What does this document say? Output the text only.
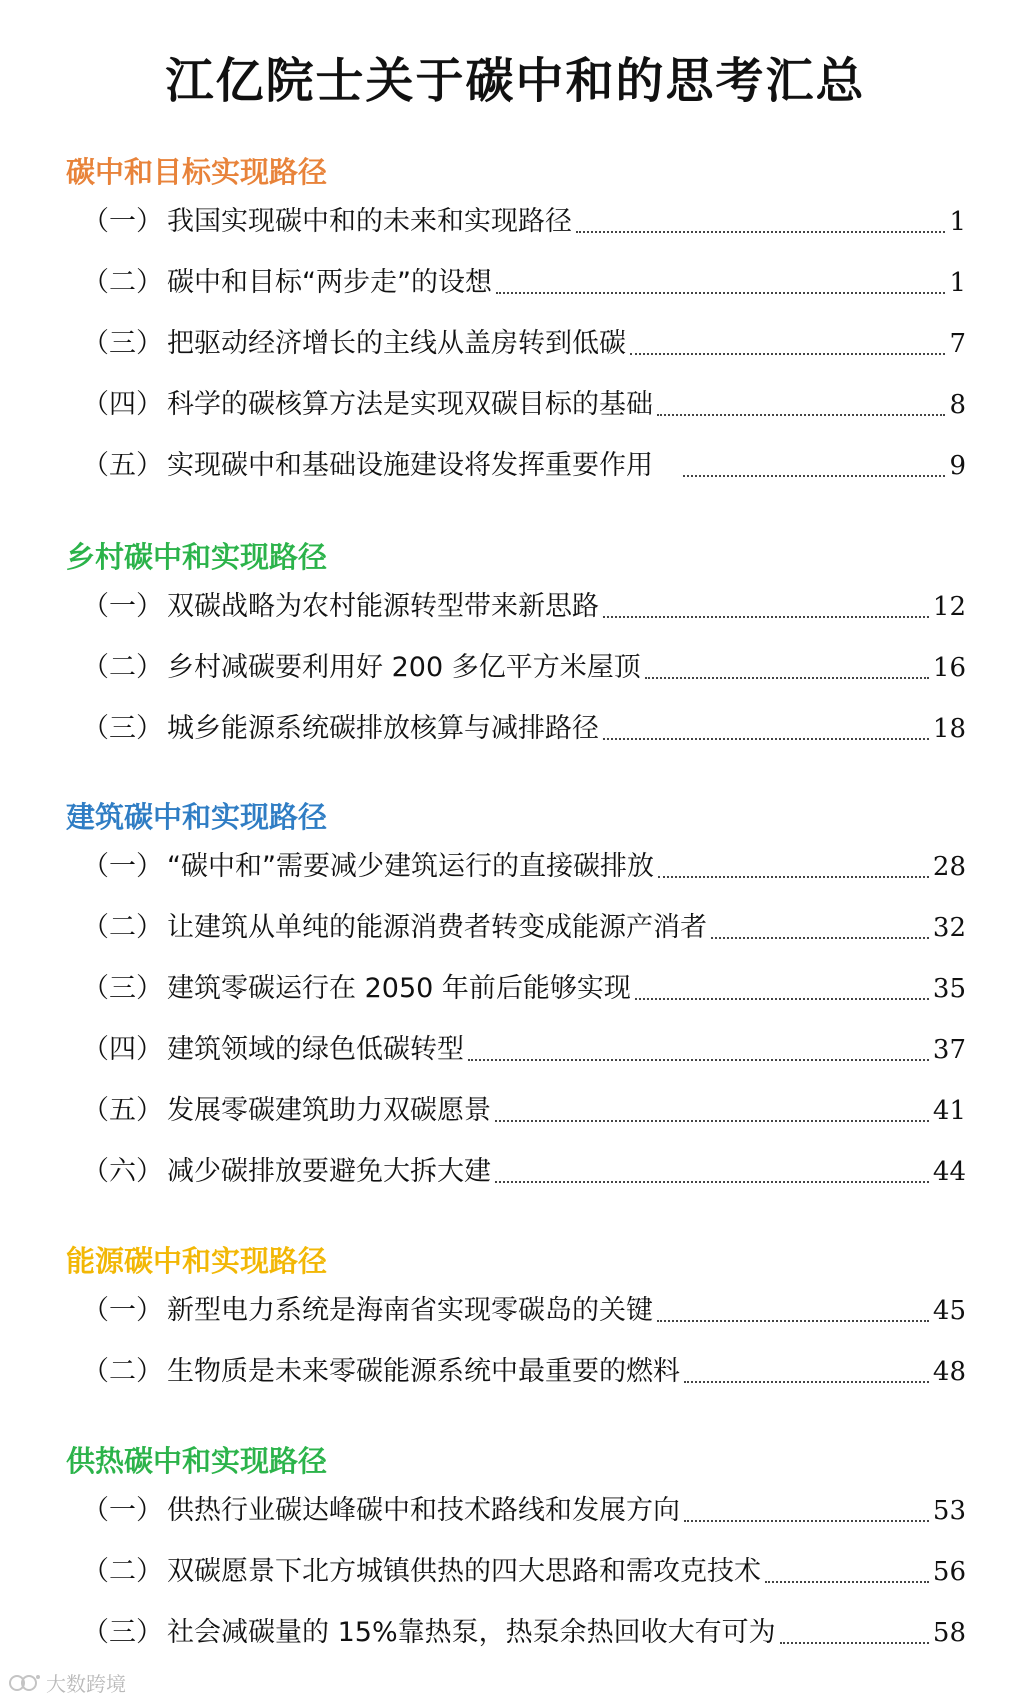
江亿院士关于碳中和的思考汇总
碳中和目标实现路径
（一） 我国实现碳中和的未来和实现路径	1
（二） 碳中和目标“两步走”的设想	1
（三） 把驱动经济增长的主线从盖房转到低碳	7
（四） 科学的碳核算方法是实现双碳目标的基础	8
（五） 实现碳中和基础设施建设将发挥重要作用	9
乡村碳中和实现路径
（一） 双碳战略为农村能源转型带来新思路	12
（二） 乡村减碳要利用好 200 多亿平方米屋顶	16
（三） 城乡能源系统碳排放核算与减排路径	18
建筑碳中和实现路径
（一） “碳中和”需要减少建筑运行的直接碳排放	28
（二） 让建筑从单纯的能源消费者转变成能源产消者	32
（三） 建筑零碳运行在 2050 年前后能够实现	35
（四） 建筑领域的绿色低碳转型	37
（五） 发展零碳建筑助力双碳愿景	41
（六） 减少碳排放要避免大拆大建	44
能源碳中和实现路径
（一） 新型电力系统是海南省实现零碳岛的关键	45
（二） 生物质是未来零碳能源系统中最重要的燃料	48
供热碳中和实现路径
（一） 供热行业碳达峰碳中和技术路线和发展方向	53
（二） 双碳愿景下北方城镇供热的四大思路和需攻克技术	56
（三） 社会减碳量的 15%靠热泵，热泵余热回收大有可为	58
大数跨境
